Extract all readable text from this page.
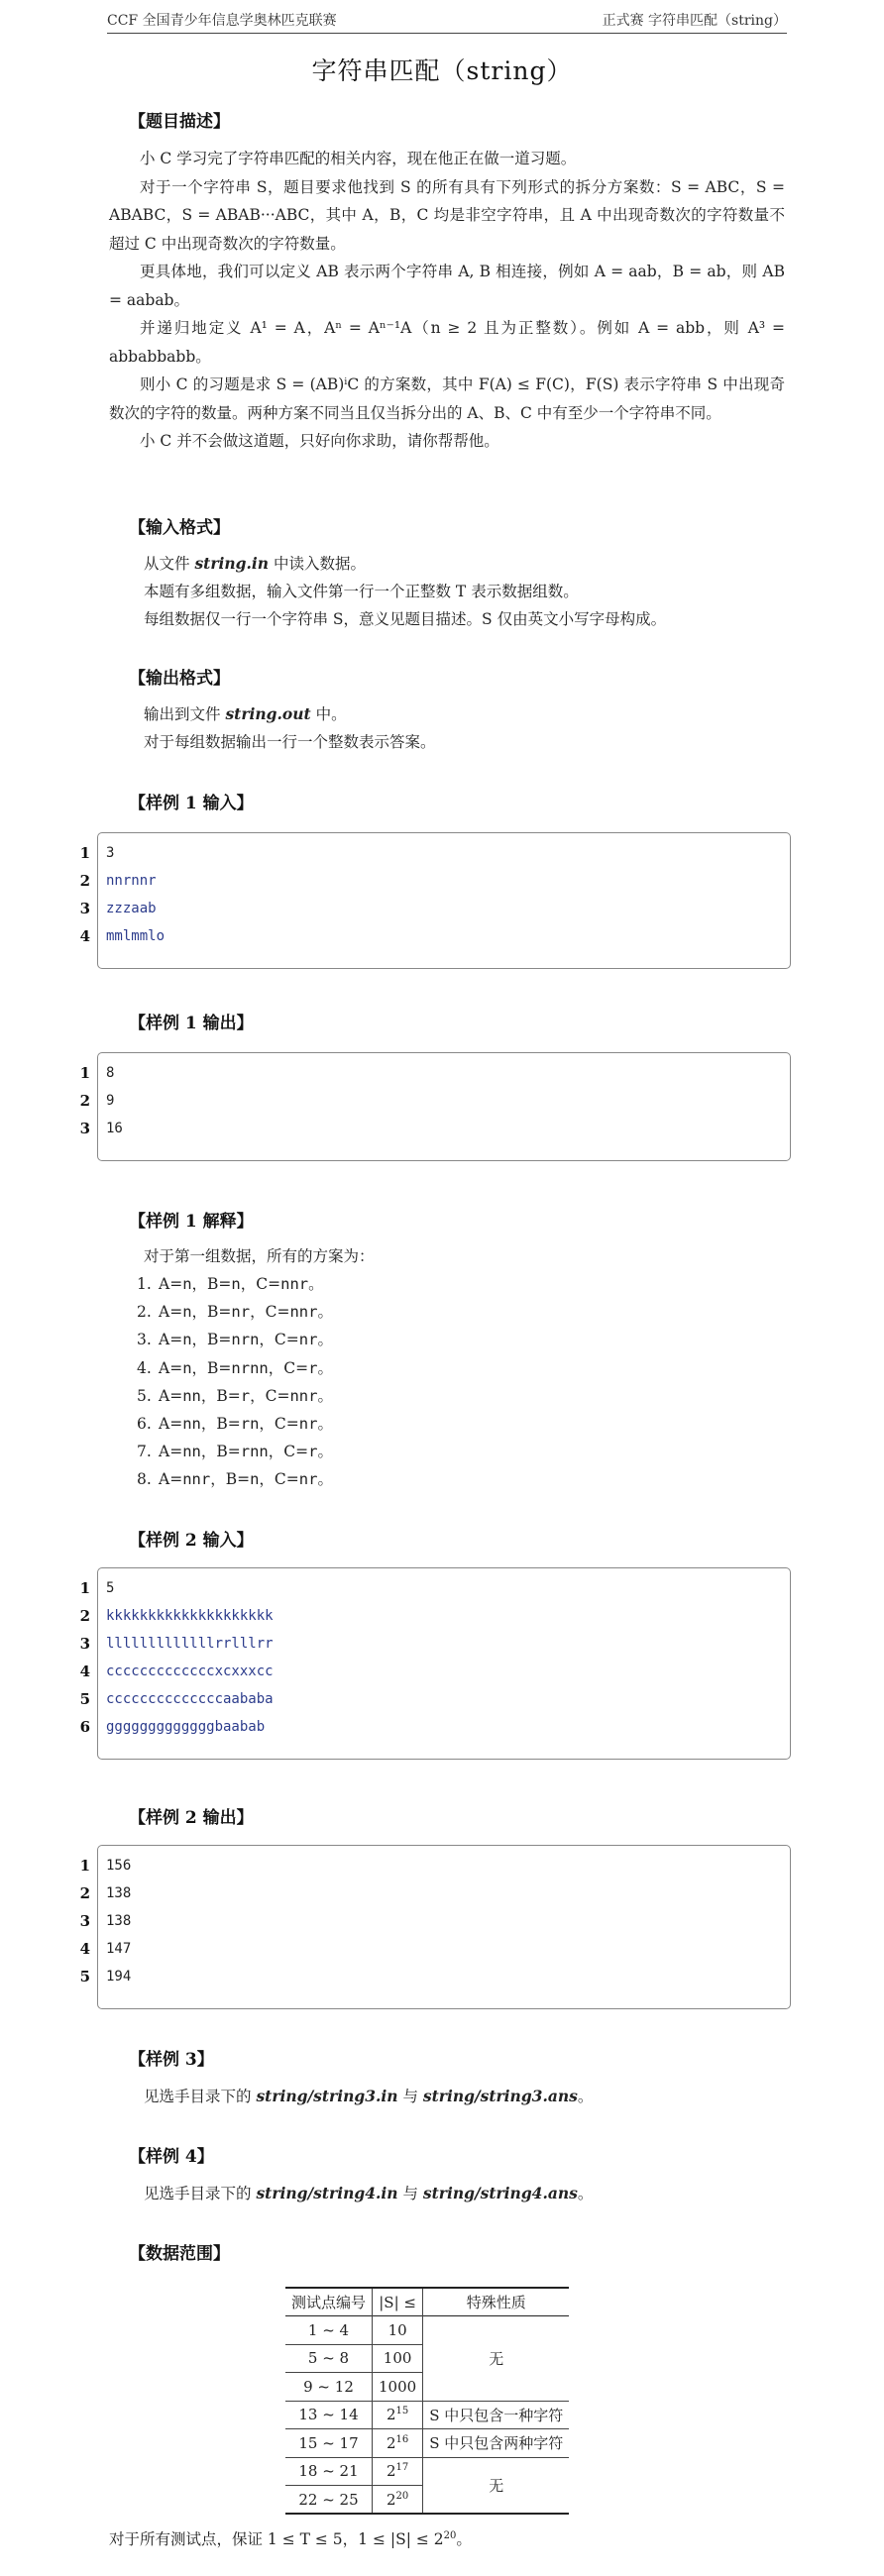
CCF 全国青少年信息学奥林匹克联赛	正式赛 字符串匹配（string）
字符串匹配（string）
【题目描述】

小 C 学习完了字符串匹配的相关内容，现在他正在做一道习题。

对于一个字符串 S，题目要求他找到 S 的所有具有下列形式的拆分方案数：S = ABC，S = ABABC，S = ABAB···ABC，其中 A，B，C 均是非空字符串，且 A 中出现奇数次的字符数量不超过 C 中出现奇数次的字符数量。

更具体地，我们可以定义 AB 表示两个字符串 A, B 相连接，例如 A = aab，B = ab，则 AB = aabab。

并递归地定义 A¹ = A，Aⁿ = Aⁿ⁻¹A（n ≥ 2 且为正整数）。例如 A = abb，则 A³ = abbabbabb。

则小 C 的习题是求 S = (AB)ⁱC 的方案数，其中 F(A) ≤ F(C)，F(S) 表示字符串 S 中出现奇数次的字符的数量。两种方案不同当且仅当拆分出的 A、B、C 中有至少一个字符串不同。

小 C 并不会做这道题，只好向你求助，请你帮帮他。

【输入格式】
从文件 string.in 中读入数据。
本题有多组数据，输入文件第一行一个正整数 T 表示数据组数。
每组数据仅一行一个字符串 S，意义见题目描述。S 仅由英文小写字母构成。
【输出格式】
输出到文件 string.out 中。
对于每组数据输出一行一个整数表示答案。
【样例 1 输入】
1 3
2 nnrnnr
3 zzzaab
4 mmlmmlo
【样例 1 输出】
1 8
2 9
3 16
【样例 1 解释】
对于第一组数据，所有的方案为：
1. A=n，B=n，C=nnr。
2. A=n，B=nr，C=nnr。
3. A=n，B=nrn，C=nr。
4. A=n，B=nrnn，C=r。
5. A=nn，B=r，C=nnr。
6. A=nn，B=rn，C=nr。
7. A=nn，B=rnn，C=r。
8. A=nnr，B=n，C=nr。
【样例 2 输入】
1 5
2 kkkkkkkkkkkkkkkkkkkk
3 lllllllllllllrrlllrr
4 cccccccccccccxcxxxcc
5 ccccccccccccccaababa
6 gggggggggggggbaabab
【样例 2 输出】
1 156
2 138
3 138
4 147
5 194
【样例 3】
见选手目录下的 string/string3.in 与 string/string3.ans。
【样例 4】
见选手目录下的 string/string4.in 与 string/string4.ans。
【数据范围】
测试点编号	|S| ≤	特殊性质
1 ~ 4	10	无
5 ~ 8	100	
9 ~ 12	1000	
13 ~ 14	$2^{15}$	S 中只包含一种字符
15 ~ 17	$2^{16}$	S 中只包含两种字符
18 ~ 21	$2^{17}$	无
22 ~ 25	$2^{20}$
对于所有测试点，保证 1 ≤ T ≤ 5，$1 \le |S| \le 2^{20}$。
